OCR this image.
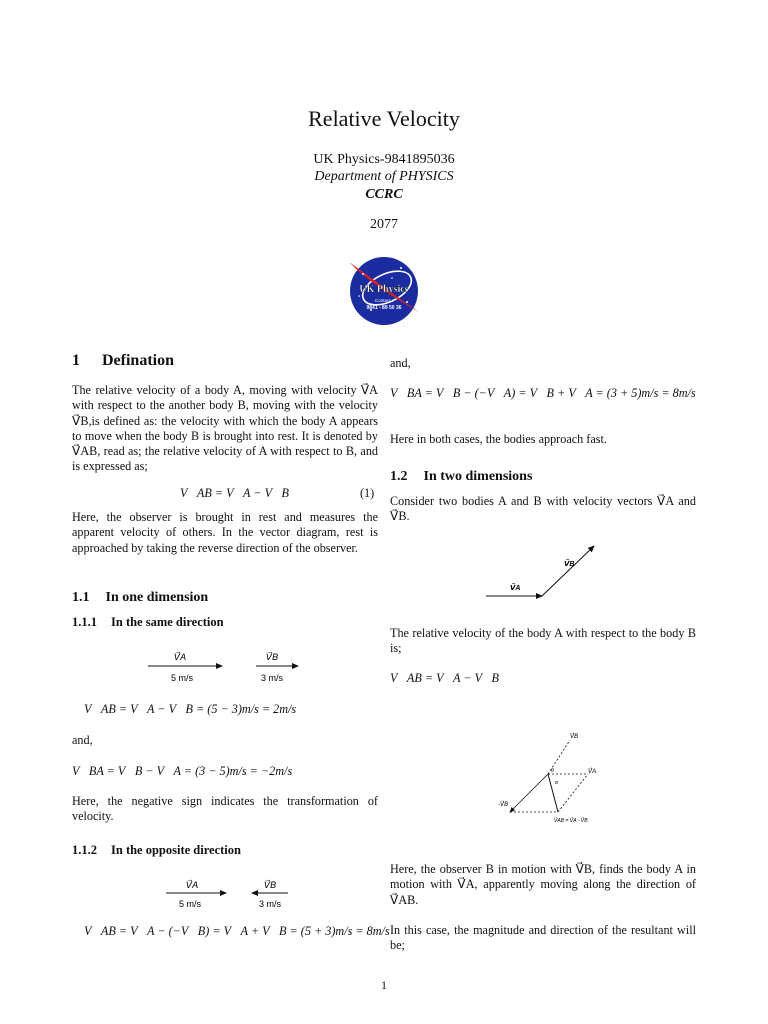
Relative Velocity
UK Physics-9841895036
Department of PHYSICS
CCRC
2077
UK Physics
Contact :
9841 - 89 50 36
1 Defination

The relative velocity of a body A, moving with velocity V⃗A with respect to the another body B, moving with the velocity V⃗B,is defined as: the velocity with which the body A appears to move when the body B is brought into rest. It is denoted by V⃗AB, read as; the relative velocity of A with respect to B, and is expressed as;

V⃗AB = V⃗A − V⃗B	(1)

Here, the observer is brought in rest and measures the apparent velocity of others. In the vector diagram, rest is approached by taking the reverse direction of the observer.

1.1 In one dimension
1.1.1 In the same direction
V⃗A
5 m/s
V⃗B
3 m/s
V⃗AB = V⃗A − V⃗B = (5 − 3)m/s = 2m/s
and,
V⃗BA = V⃗B − V⃗A = (3 − 5)m/s = −2m/s

Here, the negative sign indicates the transformation of velocity.

1.1.2 In the opposite direction
V⃗A
5 m/s
V⃗B
3 m/s
V⃗AB = V⃗A − (−V⃗B) = V⃗A + V⃗B = (5 + 3)m/s = 8m/s
and,

V⃗BA = V⃗B − (−V⃗A) = V⃗B + V⃗A = (3 + 5)m/s = 8m/s

Here in both cases, the bodies approach fast.

1.2 In two dimensions

Consider two bodies A and B with velocity vectors V⃗A and V⃗B.

V⃗B
V⃗A

The relative velocity of the body A with respect to the body B is;

V⃗AB = V⃗A − V⃗B
V⃗B
V⃗A
-V⃗B
θ
α
V⃗AB = V⃗A - V⃗B

Here, the observer B in motion with V⃗B, finds the body A in motion with V⃗A, apparently moving along the direction of V⃗AB.

In this case, the magnitude and direction of the resultant will be;

1
